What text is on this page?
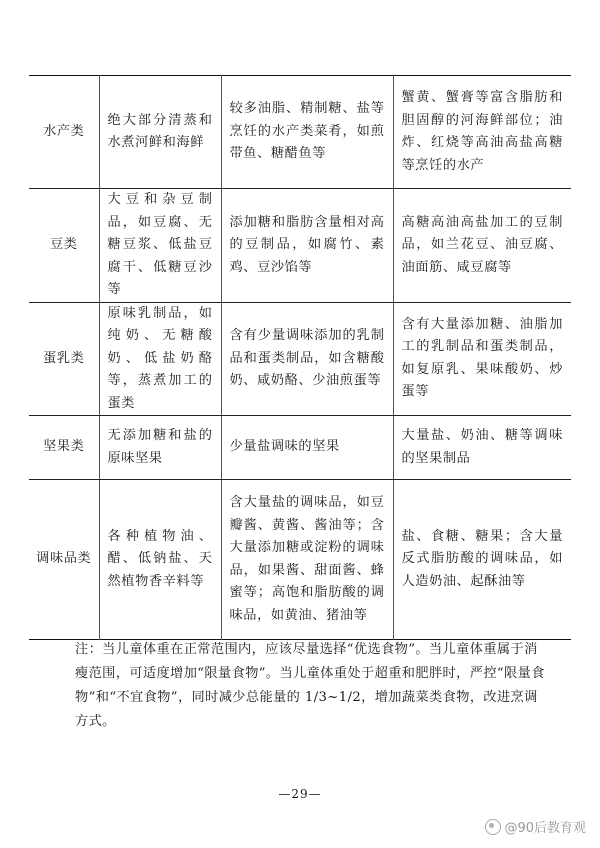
水产类	绝大部分清蒸和水煮河鲜和海鲜	较多油脂、精制糖、盐等烹饪的水产类菜肴，如煎带鱼、糖醋鱼等	蟹黄、蟹膏等富含脂肪和胆固醇的河海鲜部位；油炸、红烧等高油高盐高糖等烹饪的水产
豆类	大豆和杂豆制品，如豆腐、无糖豆浆、低盐豆腐干、低糖豆沙等	添加糖和脂肪含量相对高的豆制品，如腐竹、素鸡、豆沙馅等	高糖高油高盐加工的豆制品，如兰花豆、油豆腐、油面筋、咸豆腐等
蛋乳类	原味乳制品，如纯奶、无糖酸奶、低盐奶酪等，蒸煮加工的蛋类	含有少量调味添加的乳制品和蛋类制品，如含糖酸奶、咸奶酪、少油煎蛋等	含有大量添加糖、油脂加工的乳制品和蛋类制品，如复原乳、果味酸奶、炒蛋等
坚果类	无添加糖和盐的原味坚果	少量盐调味的坚果	大量盐、奶油、糖等调味的坚果制品
调味品类	各种植物油、醋、低钠盐、天然植物香辛料等	含大量盐的调味品，如豆瓣酱、黄酱、酱油等；含大量添加糖或淀粉的调味品，如果酱、甜面酱、蜂蜜等；高饱和脂肪酸的调味品，如黄油、猪油等	盐、食糖、糖果；含大量反式脂肪酸的调味品，如人造奶油、起酥油等

注：当儿童体重在正常范围内，应该尽量选择“优选食物”。当儿童体重属于消瘦范围，可适度增加“限量食物”。当儿童体重处于超重和肥胖时，严控“限量食物”和“不宜食物”，同时减少总能量的 1/3~1/2，增加蔬菜类食物，改进烹调方式。

—29—
@90后教育观
